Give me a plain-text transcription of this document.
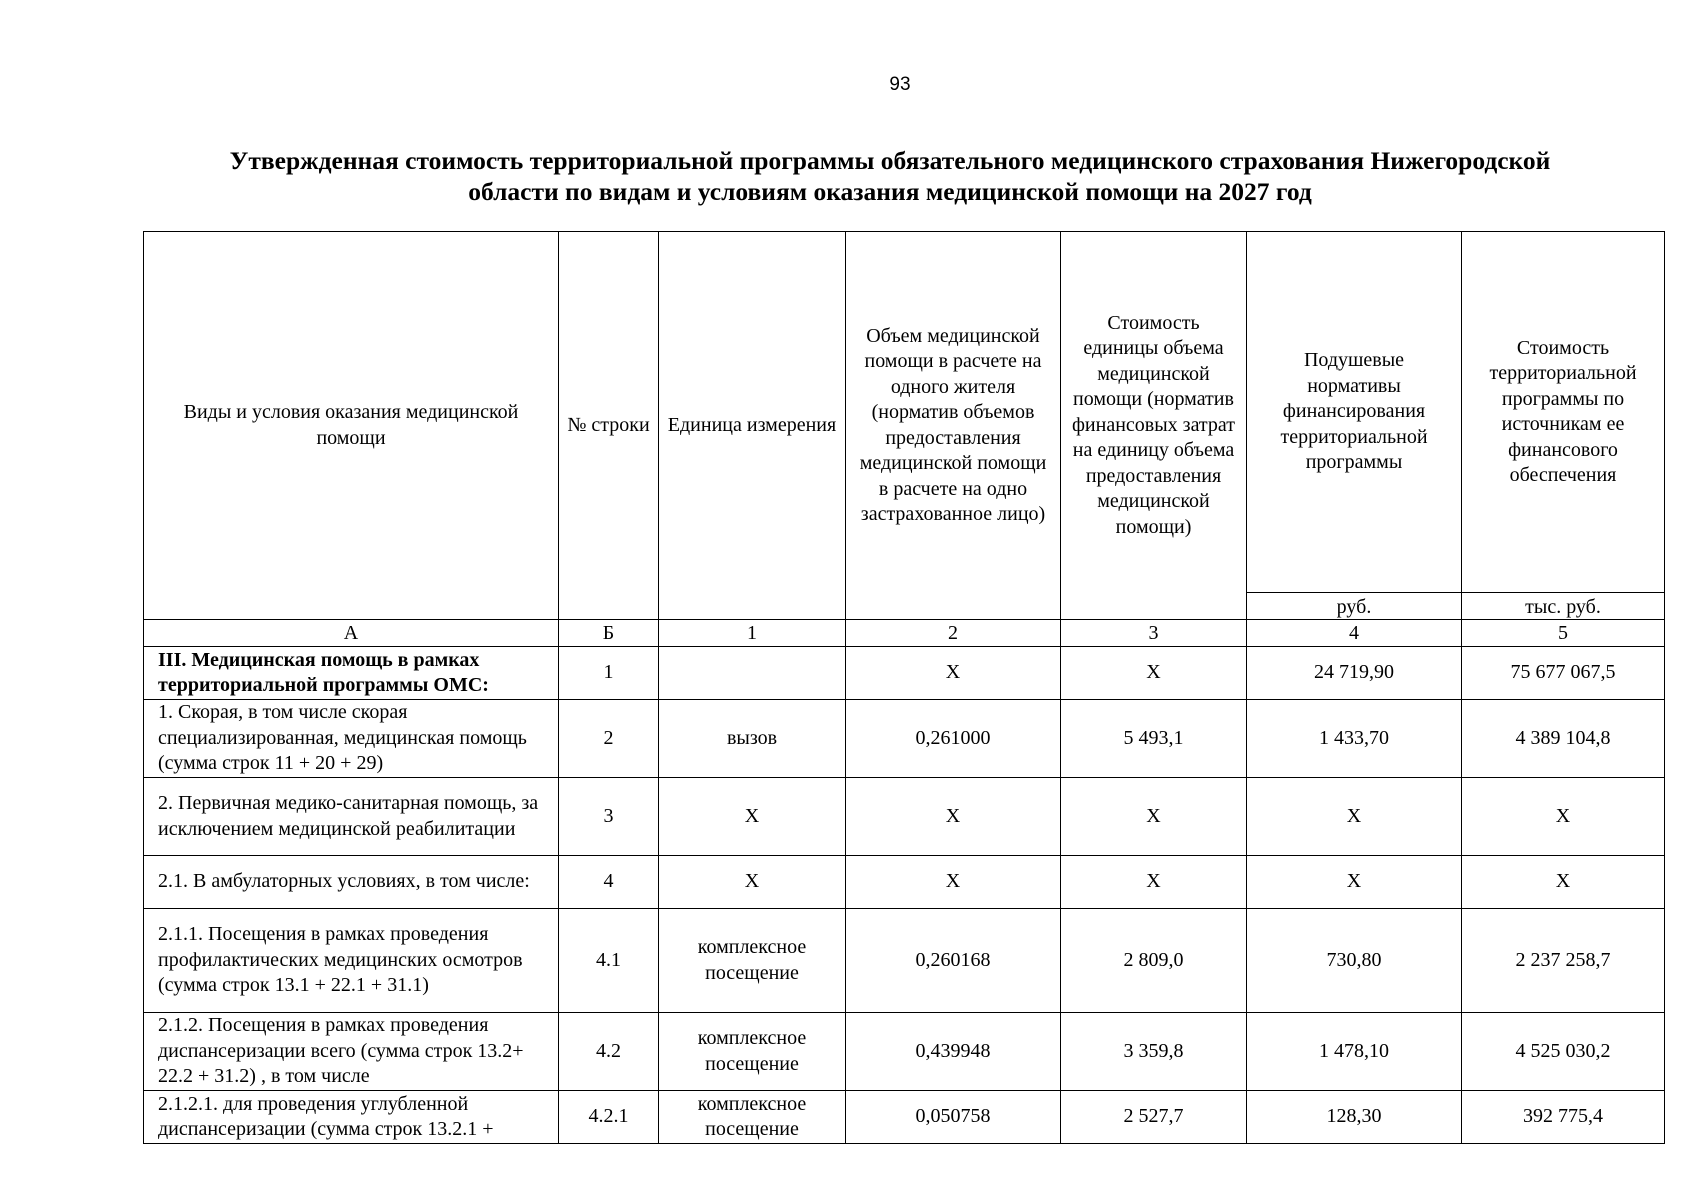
93
Утвержденная стоимость территориальной программы обязательного медицинского страхования Нижегородской
области по видам и условиям оказания медицинской помощи на 2027 год
Виды и условия оказания медицинской помощи	№ строки	Единица измерения	Объем медицинской помощи в расчете на одного жителя (норматив объемов предоставления медицинской помощи в расчете на одно застрахованное лицо)	Стоимость единицы объема медицинской помощи (норматив финансовых затрат на единицу объема предоставления медицинской помощи)	Подушевые нормативы финансирования территориальной программы	Стоимость территориальной программы по источникам ее финансового обеспечения

					руб.	тыс. руб.
А	Б	1	2	3	4	5
III. Медицинская помощь в рамках территориальной программы ОМС:	1		X	X	24 719,90	75 677 067,5
1. Скорая, в том числе скорая специализированная, медицинская помощь (сумма строк 11 + 20 + 29)	2	вызов	0,261000	5 493,1	1 433,70	4 389 104,8
2. Первичная медико-санитарная помощь, за исключением медицинской реабилитации	3	X	X	X	X	X
2.1. В амбулаторных условиях, в том числе:	4	X	X	X	X	X
2.1.1. Посещения в рамках проведения профилактических медицинских осмотров (сумма строк 13.1 + 22.1 + 31.1)	4.1	комплексное посещение	0,260168	2 809,0	730,80	2 237 258,7
2.1.2. Посещения в рамках проведения диспансеризации всего (сумма строк 13.2+ 22.2 + 31.2) , в том числе	4.2	комплексное посещение	0,439948	3 359,8	1 478,10	4 525 030,2
2.1.2.1. для проведения углубленной диспансеризации (сумма строк 13.2.1 +	4.2.1	комплексное посещение	0,050758	2 527,7	128,30	392 775,4
